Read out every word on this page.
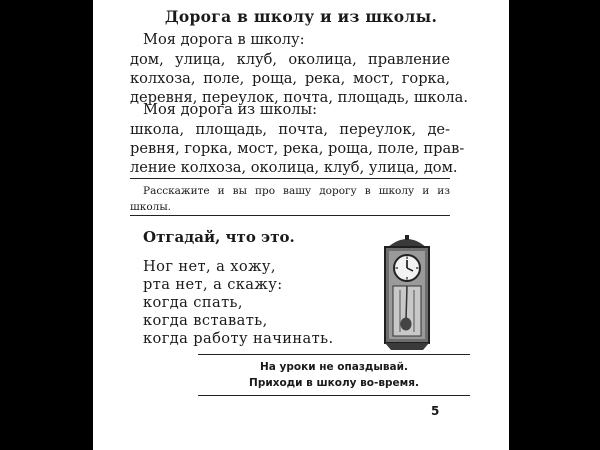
Дорога в школу и из школы.
Моя дорога в школу:
дом, улица, клуб, околица, правление
колхоза, поле, роща, река, мост, горка,
деревня, переулок, почта, площадь, школа.
Моя дорога из школы:
школа, площадь, почта, переулок, де-
ревня, горка, мост, река, роща, поле, прав-
ление колхоза, околица, клуб, улица, дом.
Расскажите и вы про вашу дорогу в школу и из
школы.
Отгадай, что это.
Ног нет, а хожу,
рта нет, а скажу:
когда спать,
когда вставать,
когда работу начинать.
На уроки не опаздывай.
Приходи в школу во-время.
5
